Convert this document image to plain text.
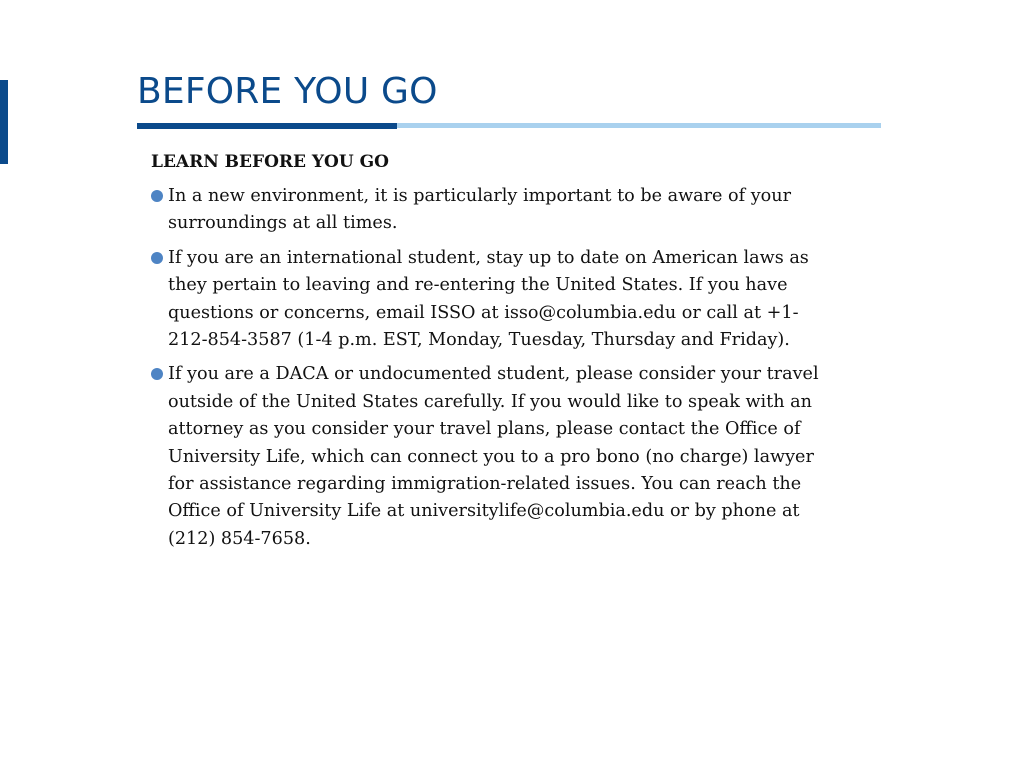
BEFORE YOU GO
LEARN BEFORE YOU GO
In a new environment, it is particularly important to be aware of your
surroundings at all times.
If you are an international student, stay up to date on American laws as
they pertain to leaving and re-entering the United States. If you have
questions or concerns, email ISSO at isso@columbia.edu or call at +1-
212-854-3587 (1-4 p.m. EST, Monday, Tuesday, Thursday and Friday).
If you are a DACA or undocumented student, please consider your travel
outside of the United States carefully. If you would like to speak with an
attorney as you consider your travel plans, please contact the Office of
University Life, which can connect you to a pro bono (no charge) lawyer
for assistance regarding immigration-related issues. You can reach the
Office of University Life at universitylife@columbia.edu or by phone at
(212) 854-7658.
